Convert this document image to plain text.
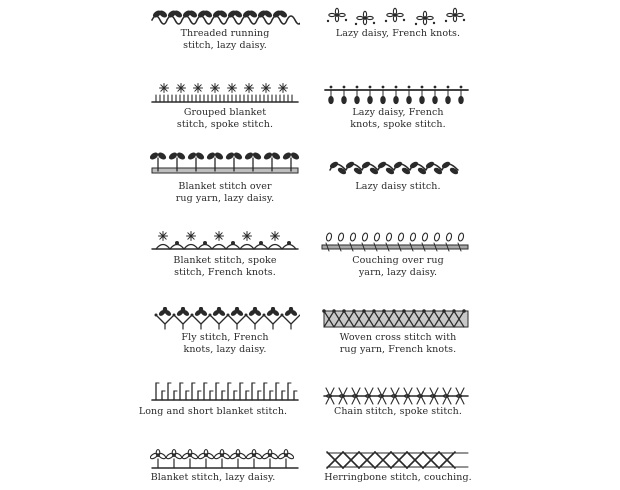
Threaded running
stitch, lazy daisy.
Lazy daisy, French knots.
Grouped blanket
stitch, spoke stitch.
Lazy daisy, French
knots, spoke stitch.
Blanket stitch over
rug yarn, lazy daisy.
Lazy daisy stitch.
Blanket stitch, spoke
stitch, French knots.
Couching over rug
yarn, lazy daisy.
Fly stitch, French
knots, lazy daisy.
Woven cross stitch with
rug yarn, French knots.
Long and short blanket stitch.	Chain stitch, spoke stitch.
Blanket stitch, lazy daisy.	Herringbone stitch, couching.
